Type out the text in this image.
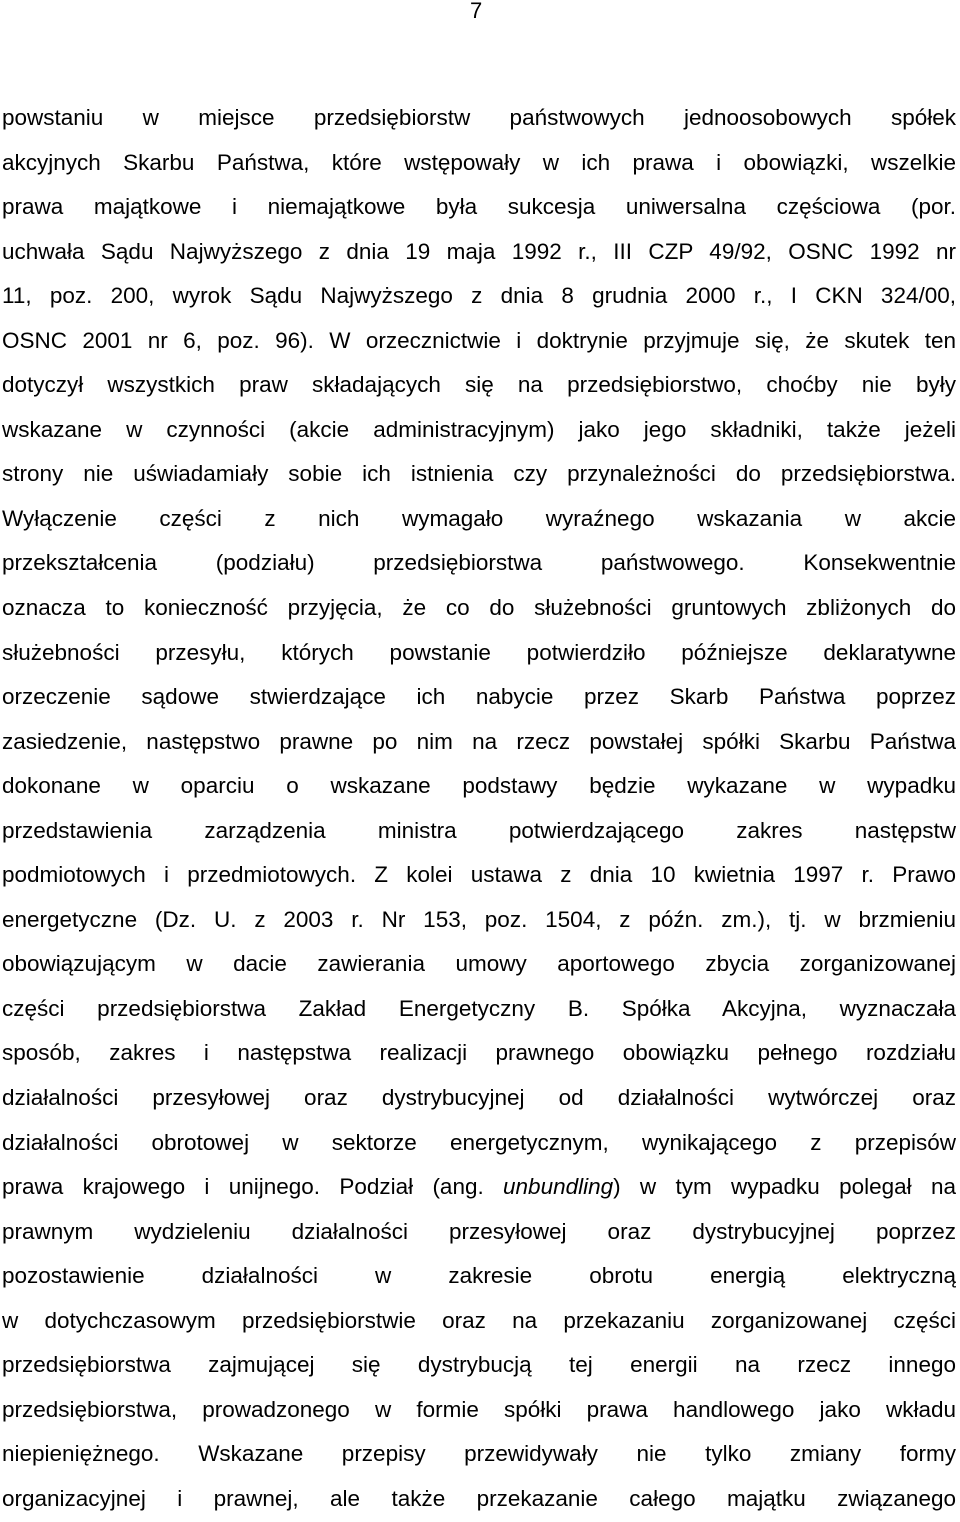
7
powstaniu w miejsce przedsiębiorstw państwowych jednoosobowych spółek
akcyjnych Skarbu Państwa, które wstępowały w ich prawa i obowiązki, wszelkie
prawa majątkowe i niemajątkowe była sukcesja uniwersalna częściowa (por.
uchwała Sądu Najwyższego z dnia 19 maja 1992 r., III CZP 49/92, OSNC 1992 nr
11, poz. 200, wyrok Sądu Najwyższego z dnia 8 grudnia 2000 r., I CKN 324/00,
OSNC 2001 nr 6, poz. 96). W orzecznictwie i doktrynie przyjmuje się, że skutek ten
dotyczył wszystkich praw składających się na przedsiębiorstwo, choćby nie były
wskazane w czynności (akcie administracyjnym) jako jego składniki, także jeżeli
strony nie uświadamiały sobie ich istnienia czy przynależności do przedsiębiorstwa.
Wyłączenie części z nich wymagało wyraźnego wskazania w akcie
przekształcenia (podziału) przedsiębiorstwa państwowego. Konsekwentnie
oznacza to konieczność przyjęcia, że co do służebności gruntowych zbliżonych do
służebności przesyłu, których powstanie potwierdziło późniejsze deklaratywne
orzeczenie sądowe stwierdzające ich nabycie przez Skarb Państwa poprzez
zasiedzenie, następstwo prawne po nim na rzecz powstałej spółki Skarbu Państwa
dokonane w oparciu o wskazane podstawy będzie wykazane w wypadku
przedstawienia zarządzenia ministra potwierdzającego zakres następstw
podmiotowych i przedmiotowych. Z kolei ustawa z dnia 10 kwietnia 1997 r. Prawo
energetyczne (Dz. U. z 2003 r. Nr 153, poz. 1504, z późn. zm.), tj. w brzmieniu
obowiązującym w dacie zawierania umowy aportowego zbycia zorganizowanej
części przedsiębiorstwa Zakład Energetyczny B. Spółka Akcyjna, wyznaczała
sposób, zakres i następstwa realizacji prawnego obowiązku pełnego rozdziału
działalności przesyłowej oraz dystrybucyjnej od działalności wytwórczej oraz
działalności obrotowej w sektorze energetycznym, wynikającego z przepisów
prawa krajowego i unijnego. Podział (ang. unbundling) w tym wypadku polegał na
prawnym wydzieleniu działalności przesyłowej oraz dystrybucyjnej poprzez
pozostawienie działalności w zakresie obrotu energią elektryczną
w dotychczasowym przedsiębiorstwie oraz na przekazaniu zorganizowanej części
przedsiębiorstwa zajmującej się dystrybucją tej energii na rzecz innego
przedsiębiorstwa, prowadzonego w formie spółki prawa handlowego jako wkładu
niepieniężnego. Wskazane przepisy przewidywały nie tylko zmiany formy
organizacyjnej i prawnej, ale także przekazanie całego majątku związanego
